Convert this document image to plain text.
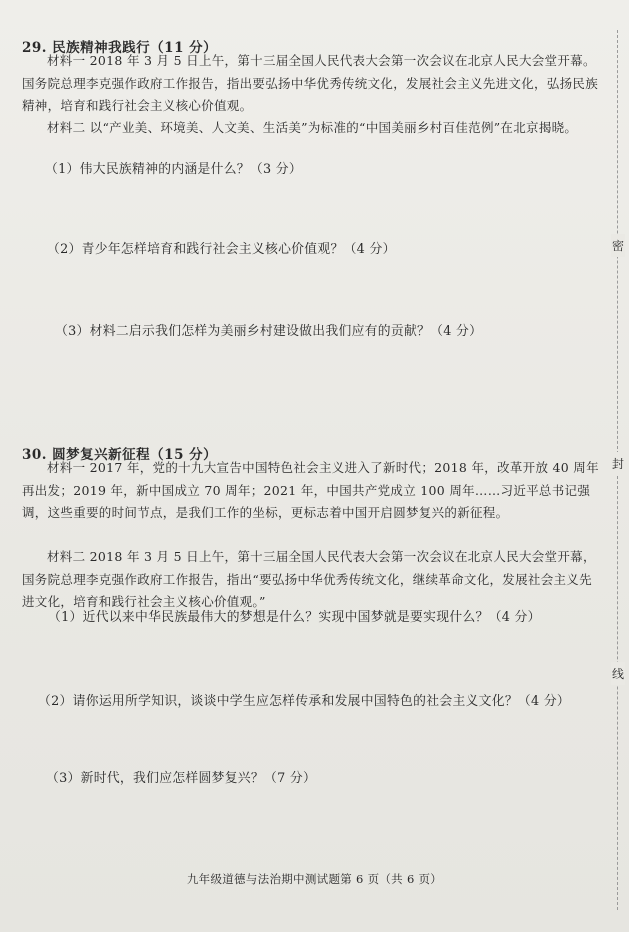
29. 民族精神我践行（11 分）
材料一 2018 年 3 月 5 日上午，第十三届全国人民代表大会第一次会议在北京人民大会堂开幕。国务院总理李克强作政府工作报告，指出要弘扬中华优秀传统文化，发展社会主义先进文化，弘扬民族精神，培育和践行社会主义核心价值观。
材料二 以“产业美、环境美、人文美、生活美”为标准的“中国美丽乡村百佳范例”在北京揭晓。
（1）伟大民族精神的内涵是什么？（3 分）
（2）青少年怎样培育和践行社会主义核心价值观？（4 分）
（3）材料二启示我们怎样为美丽乡村建设做出我们应有的贡献？（4 分）
30. 圆梦复兴新征程（15 分）
材料一 2017 年，党的十九大宣告中国特色社会主义进入了新时代；2018 年，改革开放 40 周年再出发；2019 年，新中国成立 70 周年；2021 年，中国共产党成立 100 周年……习近平总书记强调，这些重要的时间节点，是我们工作的坐标，更标志着中国开启圆梦复兴的新征程。
材料二 2018 年 3 月 5 日上午，第十三届全国人民代表大会第一次会议在北京人民大会堂开幕，国务院总理李克强作政府工作报告，指出“要弘扬中华优秀传统文化，继续革命文化，发展社会主义先进文化，培育和践行社会主义核心价值观。”
（1）近代以来中华民族最伟大的梦想是什么？实现中国梦就是要实现什么？（4 分）
（2）请你运用所学知识，谈谈中学生应怎样传承和发展中国特色的社会主义文化？（4 分）
（3）新时代，我们应怎样圆梦复兴？（7 分）
密
封
线
九年级道德与法治期中测试题第 6 页（共 6 页）
